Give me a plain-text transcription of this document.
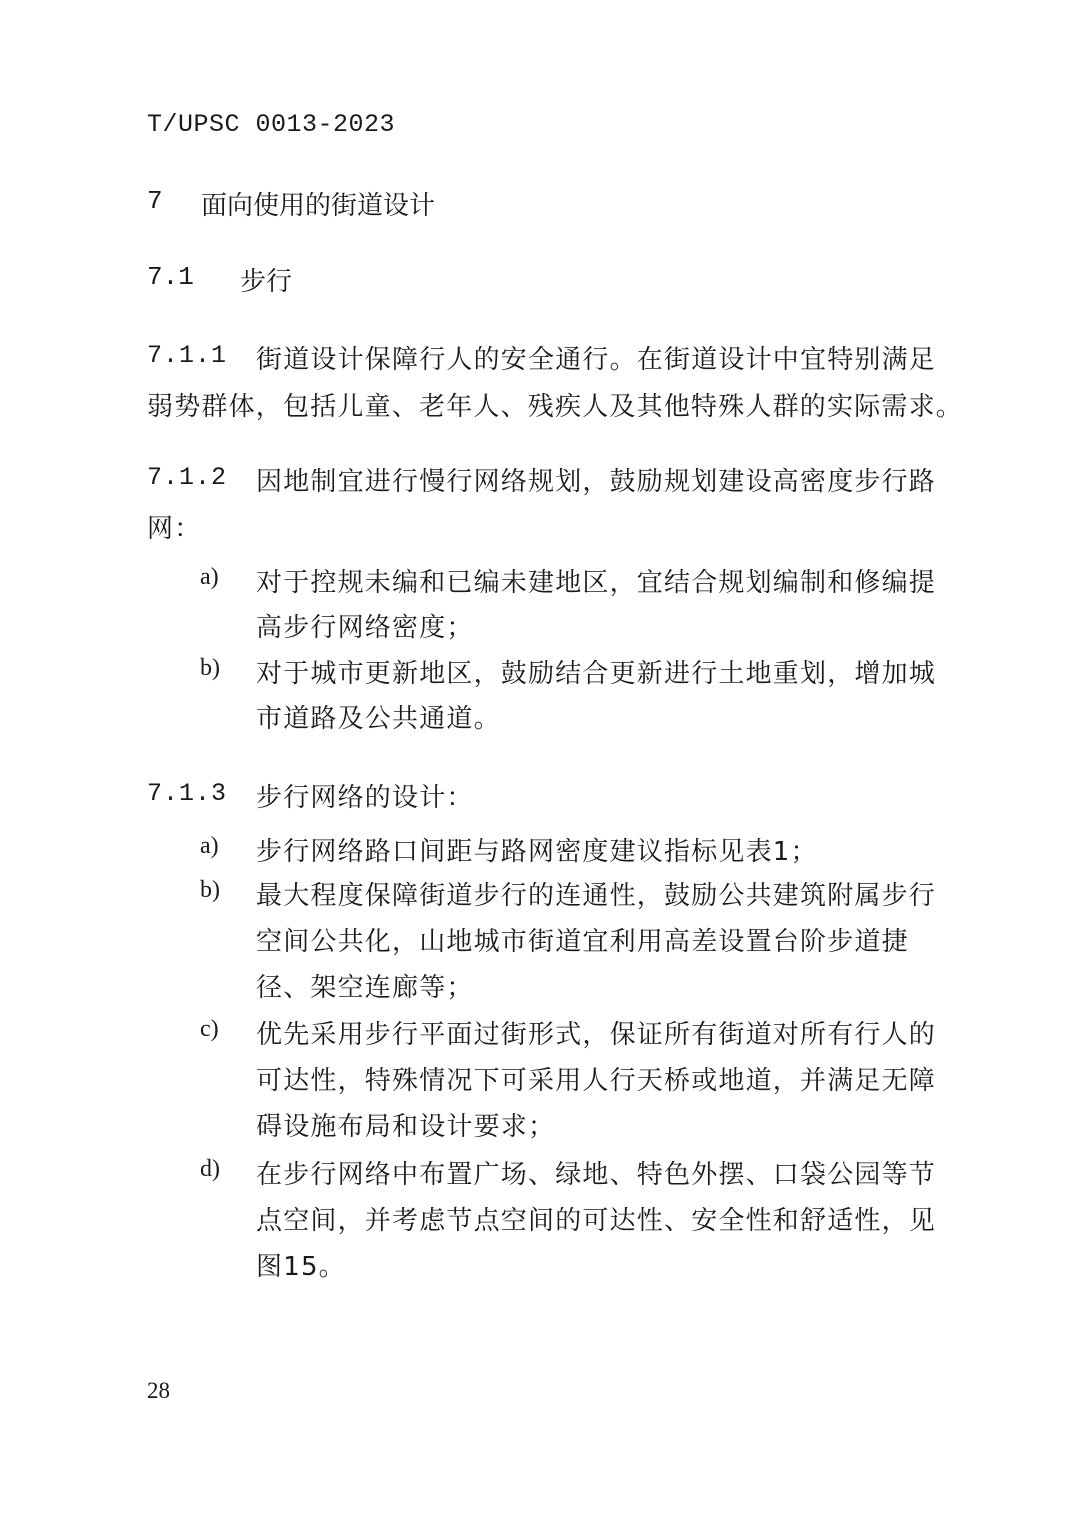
T/UPSC 0013-2023
7 面向使用的街道设计
7.1 步行
7.1.1 街道设计保障行人的安全通行。在街道设计中宜特别满足
弱势群体，包括儿童、老年人、残疾人及其他特殊人群的实际需求。
7.1.2 因地制宜进行慢行网络规划，鼓励规划建设高密度步行路
网：
a) 对于控规未编和已编未建地区，宜结合规划编制和修编提
高步行网络密度；
b) 对于城市更新地区，鼓励结合更新进行土地重划，增加城
市道路及公共通道。
7.1.3 步行网络的设计：
a) 步行网络路口间距与路网密度建议指标见表1；
b) 最大程度保障街道步行的连通性，鼓励公共建筑附属步行
空间公共化，山地城市街道宜利用高差设置台阶步道捷
径、架空连廊等；
c) 优先采用步行平面过街形式，保证所有街道对所有行人的
可达性，特殊情况下可采用人行天桥或地道，并满足无障
碍设施布局和设计要求；
d) 在步行网络中布置广场、绿地、特色外摆、口袋公园等节
点空间，并考虑节点空间的可达性、安全性和舒适性，见
图15。
28
